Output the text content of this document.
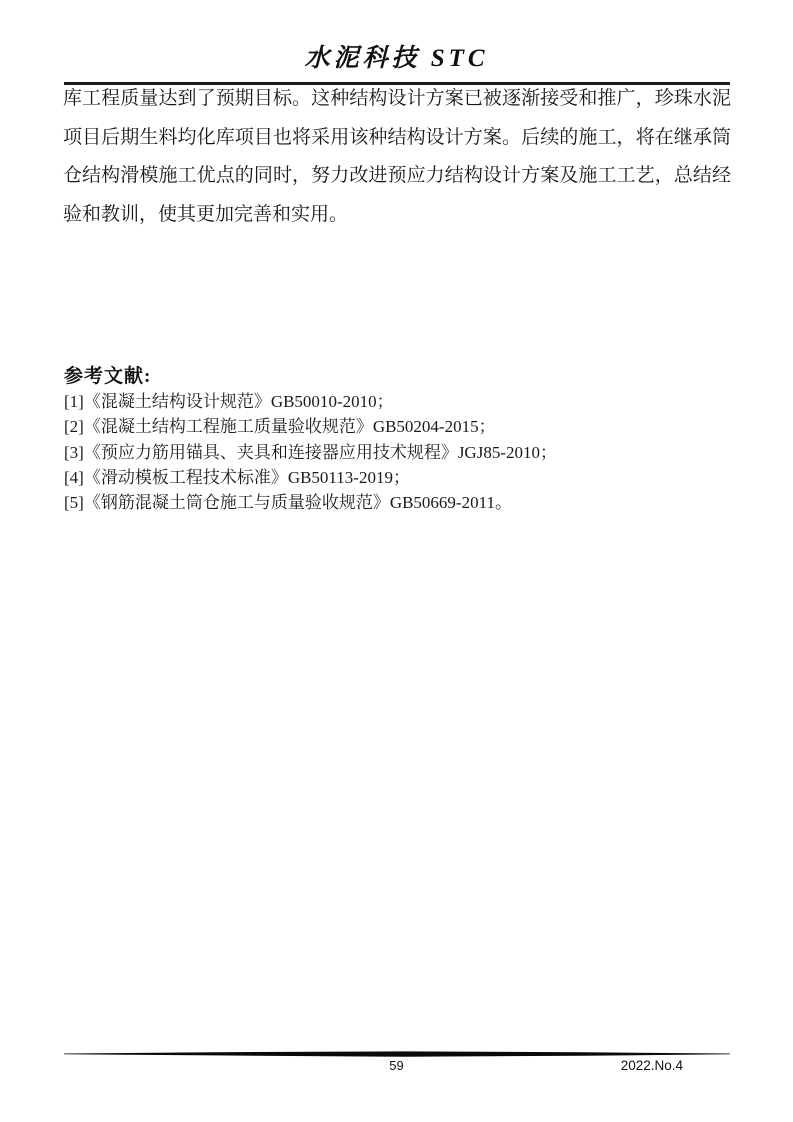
水泥科技 STC
库工程质量达到了预期目标。这种结构设计方案已被逐渐接受和推广，珍珠水泥
项目后期生料均化库项目也将采用该种结构设计方案。后续的施工，将在继承筒
仓结构滑模施工优点的同时，努力改进预应力结构设计方案及施工工艺，总结经
验和教训，使其更加完善和实用。
参考文献:
[1]《混凝土结构设计规范》GB50010-2010；
[2]《混凝土结构工程施工质量验收规范》GB50204-2015；
[3]《预应力筋用锚具、夹具和连接器应用技术规程》JGJ85-2010；
[4]《滑动模板工程技术标准》GB50113-2019；
[5]《钢筋混凝土筒仓施工与质量验收规范》GB50669-2011。
59	2022.No.4
